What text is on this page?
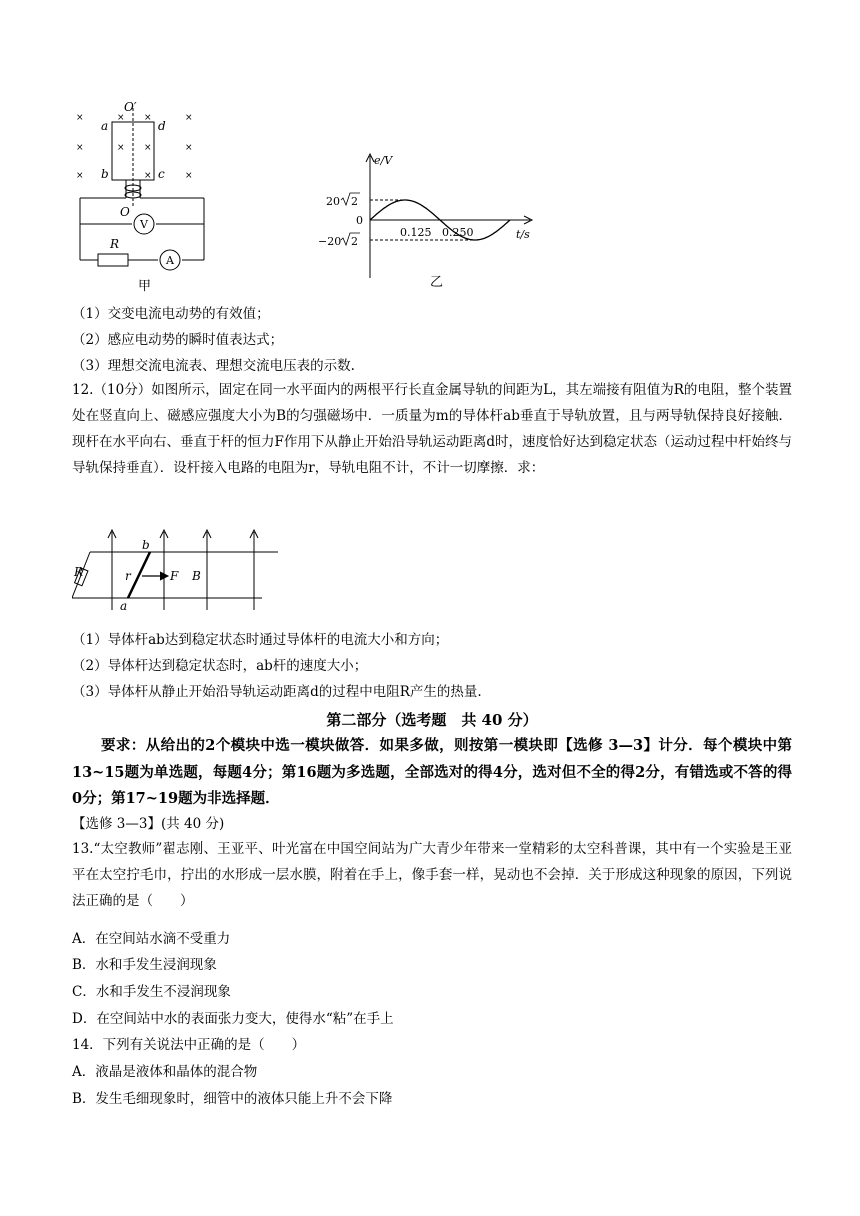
×
×
×
×
×
×
× ×
× ×
×
O′
a	d
b	c
O
R
V
A
甲
e/V
t/s
20
0
−20
0.125 0.250
2
2
乙
（1）交变电流电动势的有效值；
（2）感应电动势的瞬时值表达式；
（3）理想交流电流表、理想交流电压表的示数.
12.（10分）如图所示，固定在同一水平面内的两根平行长直金属导轨的间距为L，其左端接有阻值为R的电阻，整个装置处在竖直向上、磁感应强度大小为B的匀强磁场中．一质量为m的导体杆ab垂直于导轨放置，且与两导轨保持良好接触．现杆在水平向右、垂直于杆的恒力F作用下从静止开始沿导轨运动距离d时，速度恰好达到稳定状态（运动过程中杆始终与导轨保持垂直）．设杆接入电路的电阻为r，导轨电阻不计，不计一切摩擦．求：
R
b
r	F B
a
（1）导体杆ab达到稳定状态时通过导体杆的电流大小和方向；
（2）导体杆达到稳定状态时，ab杆的速度大小；
（3）导体杆从静止开始沿导轨运动距离d的过程中电阻R产生的热量.
第二部分（选考题　共 40 分）
要求：从给出的2个模块中选一模块做答．如果多做，则按第一模块即【选修 3—3】计分．每个模块中第13~15题为单选题，每题4分；第16题为多选题，全部选对的得4分，选对但不全的得2分，有错选或不答的得0分；第17~19题为非选择题．
【选修 3—3】(共 40 分)
13.“太空教师”翟志刚、王亚平、叶光富在中国空间站为广大青少年带来一堂精彩的太空科普课，其中有一个实验是王亚平在太空拧毛巾，拧出的水形成一层水膜，附着在手上，像手套一样，晃动也不会掉．关于形成这种现象的原因，下列说法正确的是（　　）
A．在空间站水滴不受重力
B．水和手发生浸润现象
C．水和手发生不浸润现象
D．在空间站中水的表面张力变大，使得水“粘”在手上
14．下列有关说法中正确的是（　　）
A．液晶是液体和晶体的混合物
B．发生毛细现象时，细管中的液体只能上升不会下降
